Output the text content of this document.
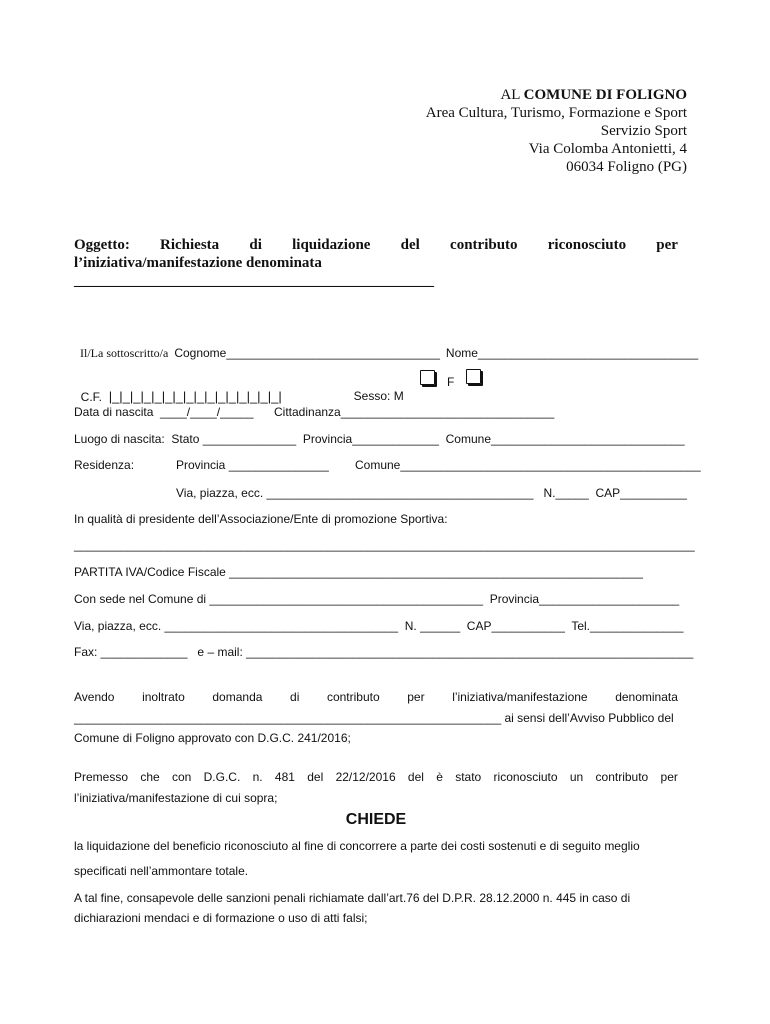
AL COMUNE DI FOLIGNO
Area Cultura, Turismo, Formazione e Sport
Servizio Sport
Via Colomba Antonietti, 4
06034 Foligno (PG)
Oggetto: Richiesta di liquidazione del contributo riconosciuto per
l’iniziativa/manifestazione denominata ________________________________________________

Il/La sottoscritto/a Cognome________________________________ Nome_________________________________

C.F. |_|_|_|_|_|_|_|_|_|_|_|_|_|_|_|_|	Sesso: M

F
Data di nascita  ____/____/_____ Cittadinanza________________________________
Luogo di nascita:  Stato ______________  Provincia_____________  Comune_____________________________
Residenza:	Provincia _______________ Comune_____________________________________________
Via, piazza, ecc. ________________________________________   N._____  CAP__________
In qualità di presidente dell’Associazione/Ente di promozione Sportiva:
_____________________________________________________________________________________________
PARTITA IVA/Codice Fiscale ______________________________________________________________
Con sede nel Comune di _________________________________________  Provincia_____________________
Via, piazza, ecc. ___________________________________  N. ______  CAP___________  Tel.______________
Fax: _____________   e – mail: ___________________________________________________________________
Avendo inoltrato domanda di contributo per l’iniziativa/manifestazione denominata
________________________________________________________________ ai sensi dell’Avviso Pubblico del
Comune di Foligno approvato con D.G.C. 241/2016;
Premesso che con D.G.C. n. 481 del 22/12/2016 del è stato riconosciuto un contributo per
l’iniziativa/manifestazione di cui sopra;
CHIEDE
la liquidazione del beneficio riconosciuto al fine di concorrere a parte dei costi sostenuti e di seguito meglio
specificati nell’ammontare totale.
A tal fine, consapevole delle sanzioni penali richiamate dall’art.76 del D.P.R. 28.12.2000 n. 445 in caso di
dichiarazioni mendaci e di formazione o uso di atti falsi;
